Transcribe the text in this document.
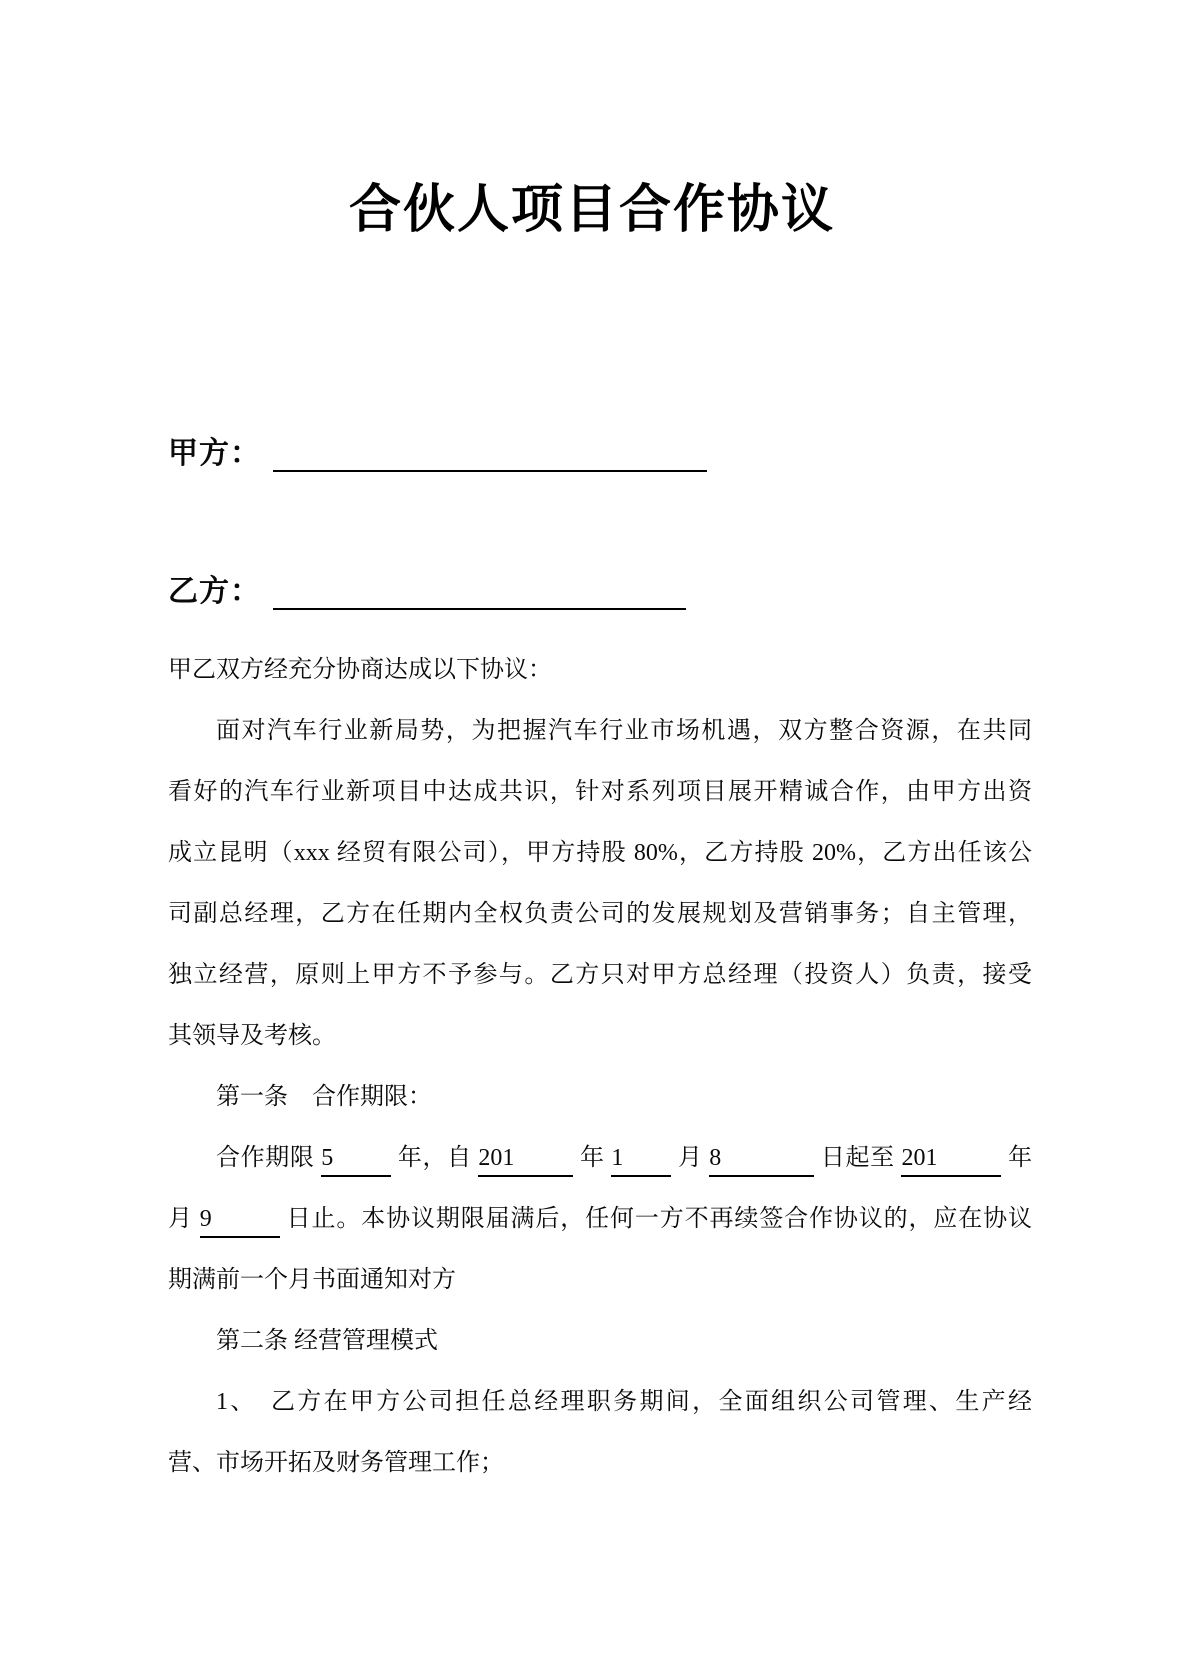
合伙人项目合作协议
甲方：
乙方：
甲乙双方经充分协商达成以下协议：
面对汽车行业新局势，为把握汽车行业市场机遇，双方整合资源，在共同
看好的汽车行业新项目中达成共识，针对系列项目展开精诚合作，由甲方出资
成立昆明（xxx 经贸有限公司），甲方持股 80%，乙方持股 20%，乙方出任该公
司副总经理，乙方在任期内全权负责公司的发展规划及营销事务；自主管理，
独立经营，原则上甲方不予参与。乙方只对甲方总经理（投资人）负责，接受
其领导及考核。
第一条　合作期限：
合作期限 5	年，自 201	年 1 月 8	日起至 201	年
月 9	日止。本协议期限届满后，任何一方不再续签合作协议的，应在协议
期满前一个月书面通知对方
第二条 经营管理模式
1、　乙方在甲方公司担任总经理职务期间，全面组织公司管理、生产经
营、市场开拓及财务管理工作；
